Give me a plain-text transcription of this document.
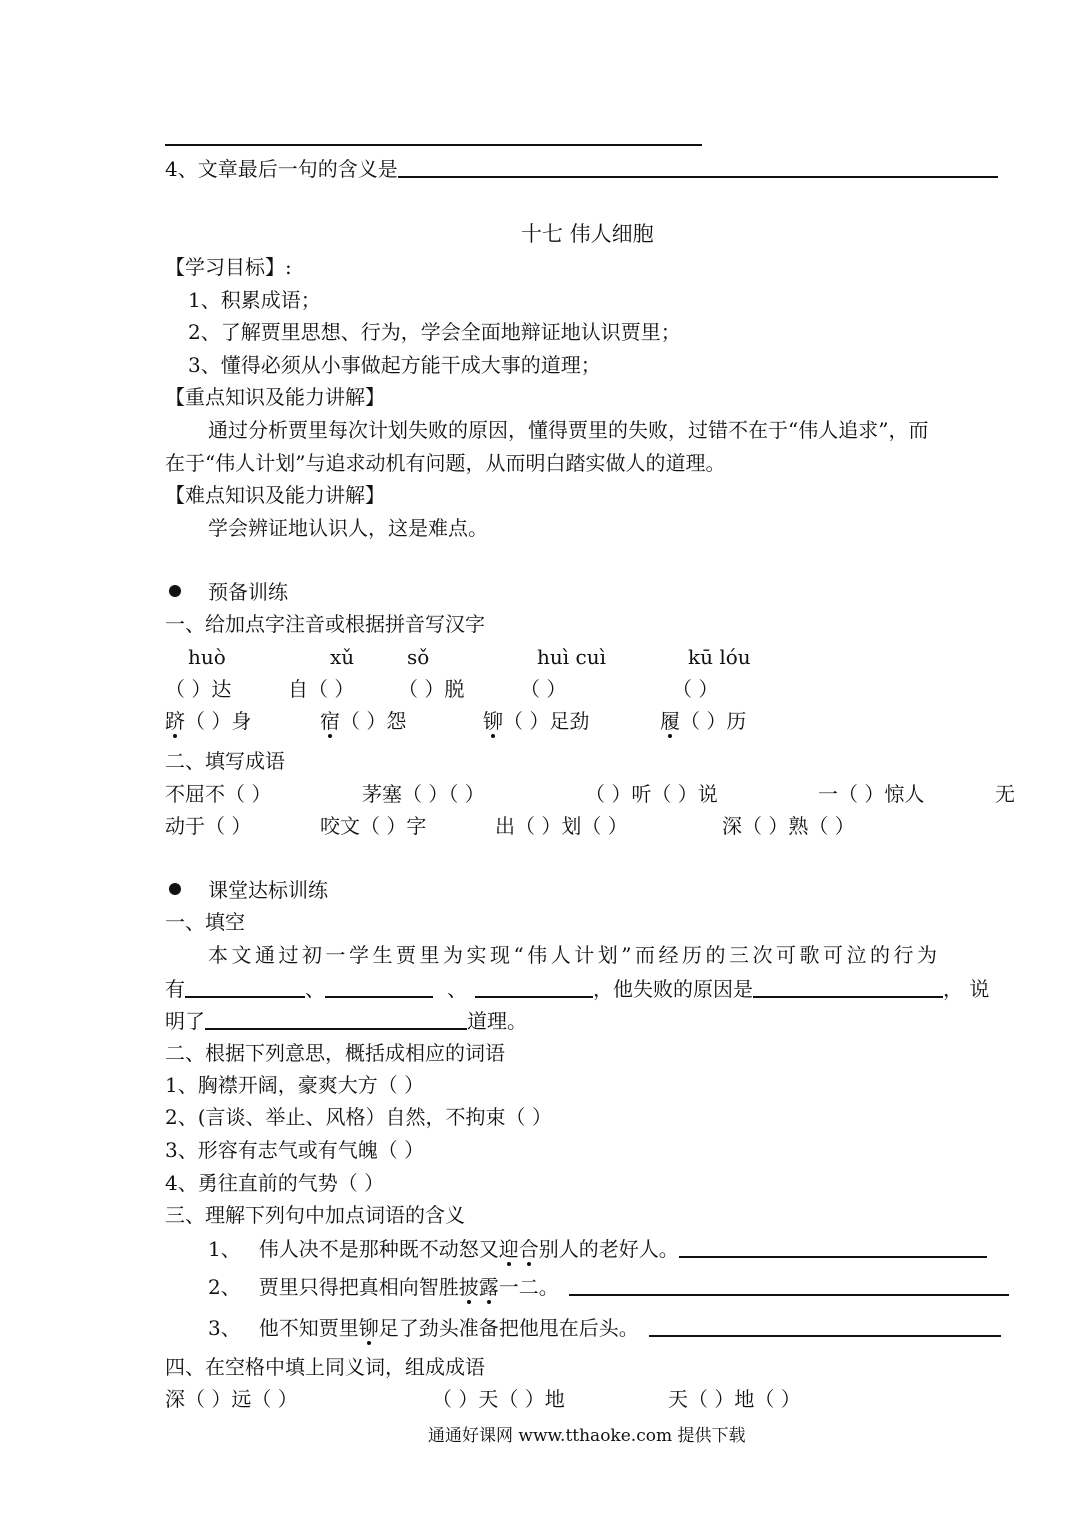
4、文章最后一句的含义是
十七 伟人细胞
【学习目标】:
1、积累成语；
2、了解贾里思想、行为，学会全面地辩证地认识贾里；
3、懂得必须从小事做起方能干成大事的道理；
【重点知识及能力讲解】
通过分析贾里每次计划失败的原因，懂得贾里的失败，过错不在于“伟人追求”，而
在于“伟人计划”与追求动机有问题，从而明白踏实做人的道理。
【难点知识及能力讲解】
学会辨证地认识人，这是难点。
预备训练
一、给加点字注音或根据拼音写汉字
huò	xǔ	sǒ	huì cuì	kū lóu
（ ）达	自（ ） （ ）脱	（ ）	（ ）
跻（ ）身	宿（ ）怨	铆（ ）足劲	履（ ）历
二、填写成语
不屈不（ ）	茅塞（ ）（ ）	（ ）听（ ）说	一（ ）惊人	无
动于（ ）	咬文（ ）字	出（ ）划（ ）	深（ ）熟（ ）
课堂达标训练
一、填空
本文通过初一学生贾里为实现“伟人计划”而经历的三次可歌可泣的行为
有	、	、	，他失败的原因是	， 说
明了	道理。
二、根据下列意思，概括成相应的词语
1、胸襟开阔，豪爽大方（ ）
2、(言谈、举止、风格）自然，不拘束（ ）
3、形容有志气或有气魄（ ）
4、勇往直前的气势（ ）
三、理解下列句中加点词语的含义
1、 伟人决不是那种既不动怒又迎合别人的老好人。
2、 贾里只得把真相向智胜披露一二。
3、 他不知贾里铆足了劲头准备把他甩在后头。
四、在空格中填上同义词，组成成语
深（ ）远（ ）	（ ）天（ ）地	天（ ）地（ ）
通通好课网 www.tthaoke.com 提供下载
